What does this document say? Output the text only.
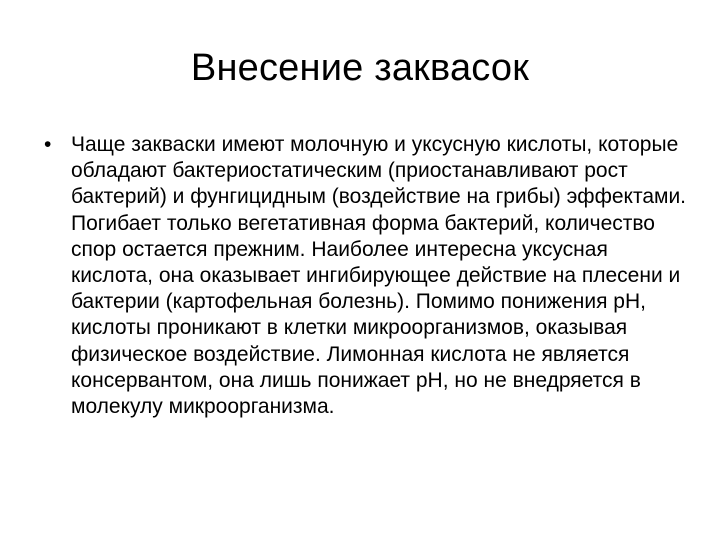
Внесение заквасок
• Чаще закваски имеют молочную и уксусную кислоты, которые обладают бактериостатическим (приостанавливают рост бактерий) и фунгицидным (воздействие на грибы) эффектами. Погибает только вегетативная форма бактерий, количество спор остается прежним. Наиболее интересна уксусная кислота, она оказывает ингибирующее действие на плесени и бактерии (картофельная болезнь). Помимо понижения pH, кислоты проникают в клетки микроорганизмов, оказывая физическое воздействие. Лимонная кислота не является консервантом, она лишь понижает pH, но не внедряется в молекулу микроорганизма.
